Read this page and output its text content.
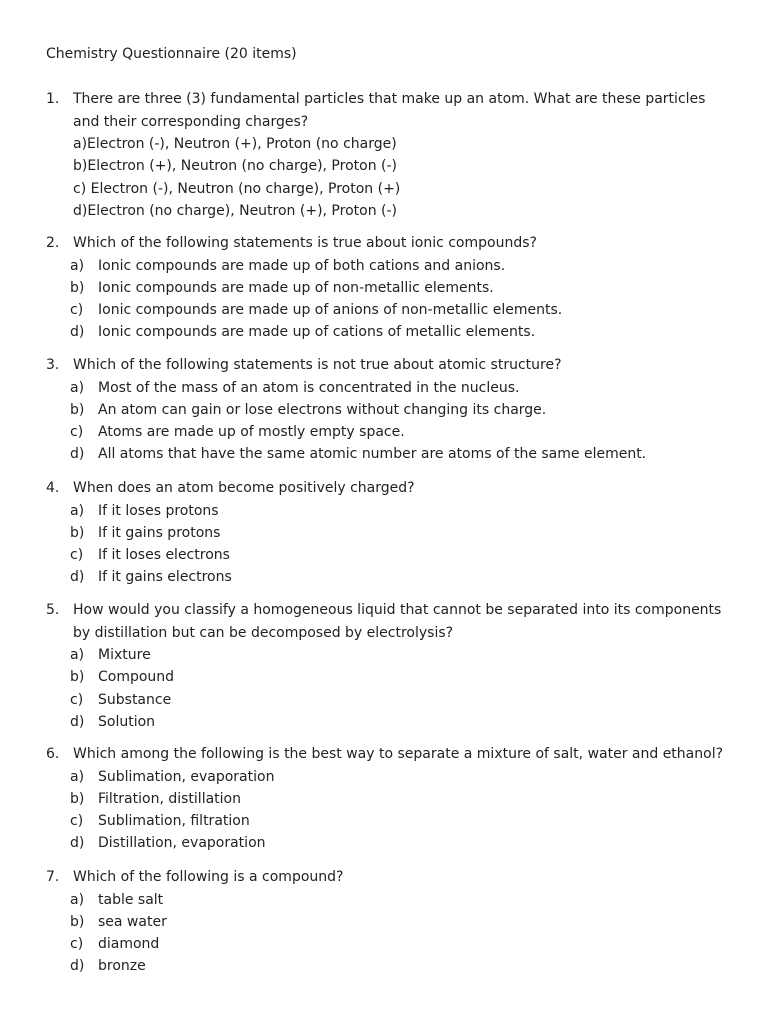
Chemistry Questionnaire (20 items)
1. There are three (3) fundamental particles that make up an atom. What are these particles
and their corresponding charges?
a)Electron (-), Neutron (+), Proton (no charge)
b)Electron (+), Neutron (no charge), Proton (-)
c) Electron (-), Neutron (no charge), Proton (+)
d)Electron (no charge), Neutron (+), Proton (-)
2. Which of the following statements is true about ionic compounds?
a) Ionic compounds are made up of both cations and anions.
b) Ionic compounds are made up of non-metallic elements.
c) Ionic compounds are made up of anions of non-metallic elements.
d) Ionic compounds are made up of cations of metallic elements.
3. Which of the following statements is not true about atomic structure?
a) Most of the mass of an atom is concentrated in the nucleus.
b) An atom can gain or lose electrons without changing its charge.
c) Atoms are made up of mostly empty space.
d) All atoms that have the same atomic number are atoms of the same element.
4. When does an atom become positively charged?
a) If it loses protons
b) If it gains protons
c) If it loses electrons
d) If it gains electrons
5. How would you classify a homogeneous liquid that cannot be separated into its components
by distillation but can be decomposed by electrolysis?
a) Mixture
b) Compound
c) Substance
d) Solution
6. Which among the following is the best way to separate a mixture of salt, water and ethanol?
a) Sublimation, evaporation
b) Filtration, distillation
c) Sublimation, filtration
d) Distillation, evaporation
7. Which of the following is a compound?
a) table salt
b) sea water
c) diamond
d) bronze
